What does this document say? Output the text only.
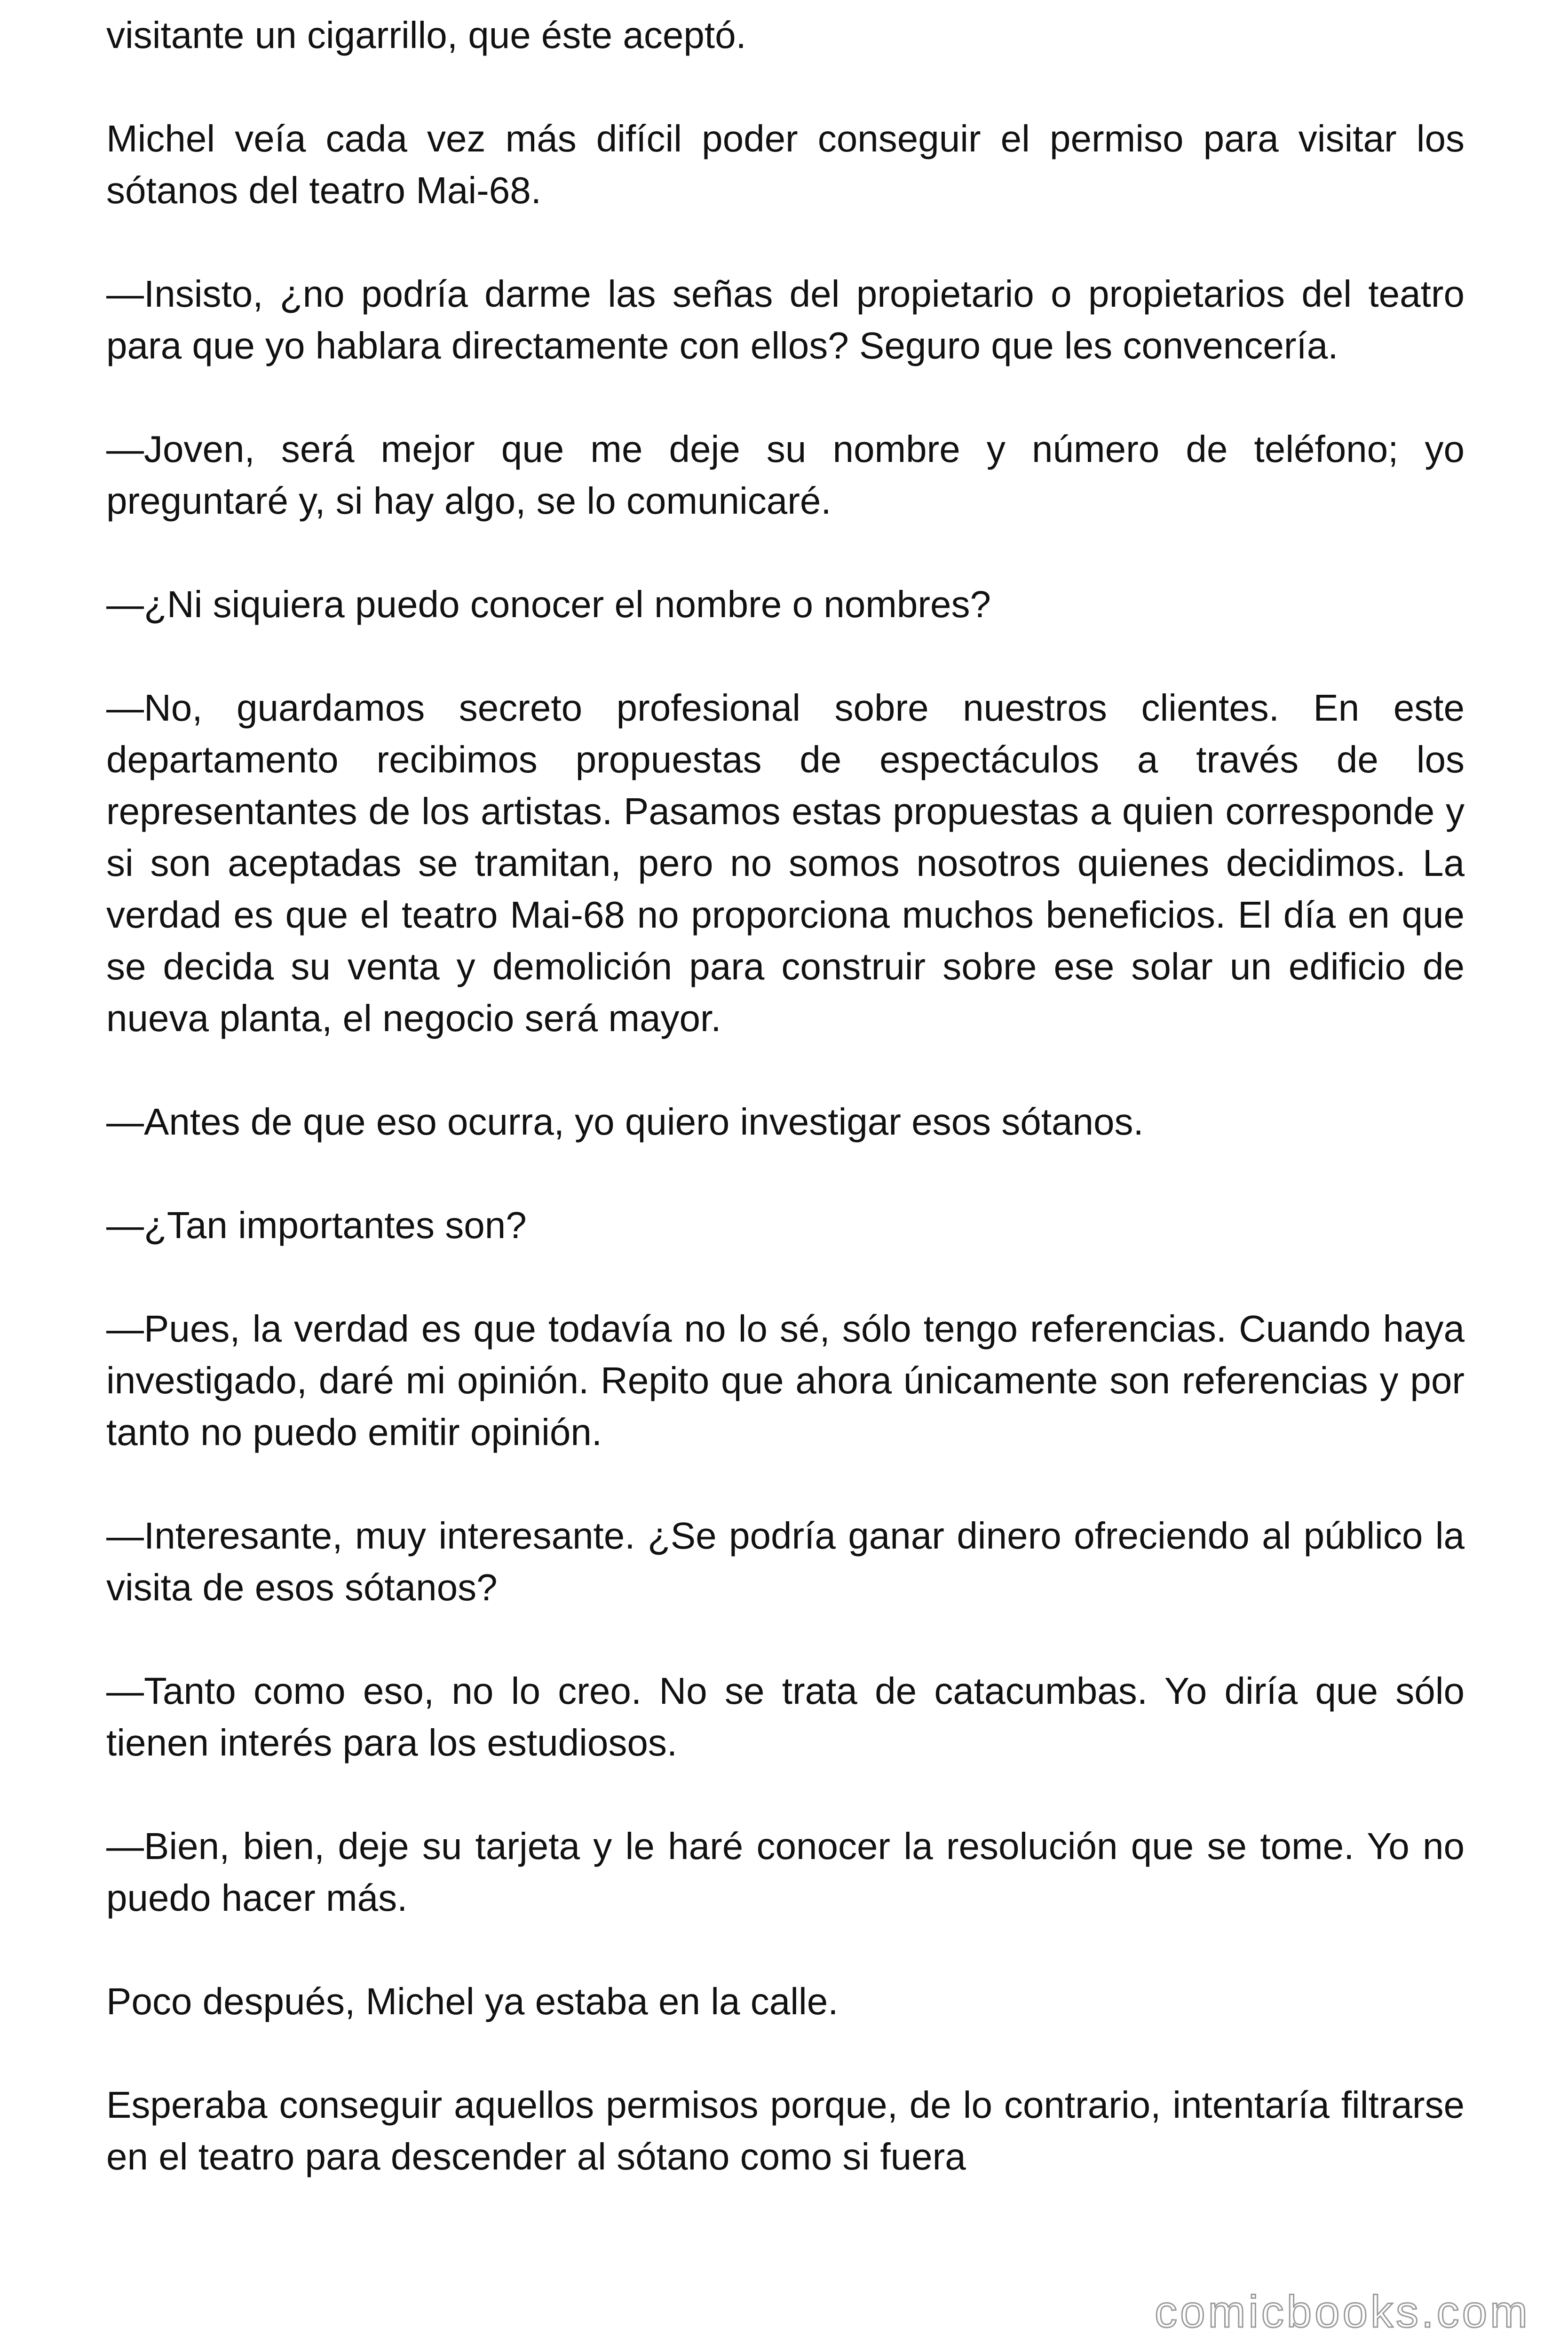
visitante un cigarrillo, que éste aceptó.

Michel veía cada vez más difícil poder conseguir el permiso para visitar los sótanos del teatro Mai-68.

—Insisto, ¿no podría darme las señas del propietario o propietarios del teatro para que yo hablara directamente con ellos? Seguro que les convencería.

—Joven, será mejor que me deje su nombre y número de teléfono; yo preguntaré y, si hay algo, se lo comunicaré.

—¿Ni siquiera puedo conocer el nombre o nombres?

—No, guardamos secreto profesional sobre nuestros clientes. En este departamento recibimos propuestas de espectáculos a través de los representantes de los artistas. Pasamos estas propuestas a quien corresponde y si son aceptadas se tramitan, pero no somos nosotros quienes decidimos. La verdad es que el teatro Mai-68 no proporciona muchos beneficios. El día en que se decida su venta y demolición para construir sobre ese solar un edificio de nueva planta, el negocio será mayor.

—Antes de que eso ocurra, yo quiero investigar esos sótanos.

—¿Tan importantes son?

—Pues, la verdad es que todavía no lo sé, sólo tengo referencias. Cuando haya investigado, daré mi opinión. Repito que ahora únicamente son referencias y por tanto no puedo emitir opinión.

—Interesante, muy interesante. ¿Se podría ganar dinero ofreciendo al público la visita de esos sótanos?

—Tanto como eso, no lo creo. No se trata de catacumbas. Yo diría que sólo tienen interés para los estudiosos.

—Bien, bien, deje su tarjeta y le haré conocer la resolución que se tome. Yo no puedo hacer más.

Poco después, Michel ya estaba en la calle.

Esperaba conseguir aquellos permisos porque, de lo contrario, intentaría filtrarse en el teatro para descender al sótano como si fuera

comicbooks.com
